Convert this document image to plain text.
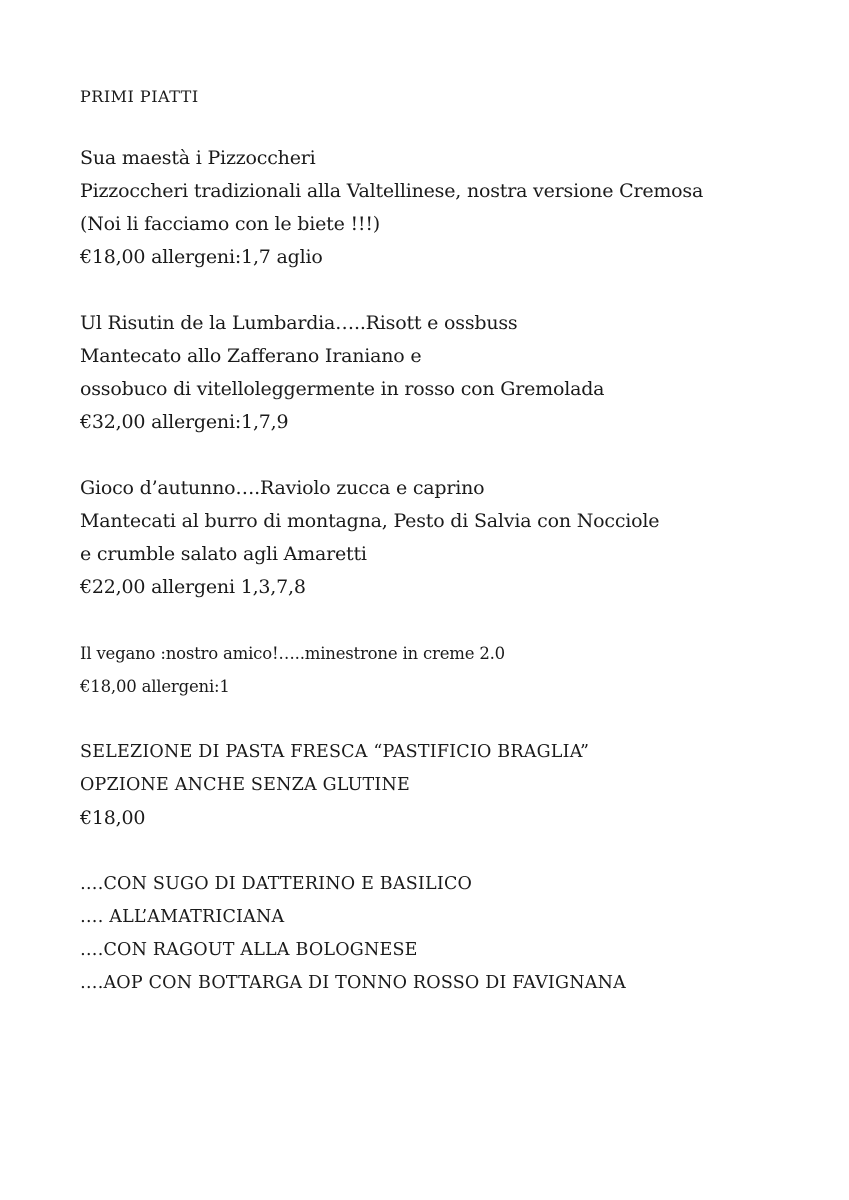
PRIMI PIATTI
Sua maestà i Pizzoccheri
Pizzoccheri tradizionali alla Valtellinese, nostra versione Cremosa
(Noi li facciamo con le biete !!!)
€18,00 allergeni:1,7 aglio
Ul Risutin de la Lumbardia…..Risott e ossbuss
Mantecato allo Zafferano Iraniano e
ossobuco di vitelloleggermente in rosso con Gremolada
€32,00 allergeni:1,7,9
Gioco d’autunno….Raviolo zucca e caprino
Mantecati al burro di montagna, Pesto di Salvia con Nocciole
e crumble salato agli Amaretti
€22,00 allergeni 1,3,7,8
Il vegano :nostro amico!…..minestrone in creme 2.0
€18,00 allergeni:1
SELEZIONE DI PASTA FRESCA “PASTIFICIO BRAGLIA”
OPZIONE ANCHE SENZA GLUTINE
€18,00
….CON SUGO DI DATTERINO E BASILICO
…. ALL’AMATRICIANA
….CON RAGOUT ALLA BOLOGNESE
….AOP CON BOTTARGA DI TONNO ROSSO DI FAVIGNANA
